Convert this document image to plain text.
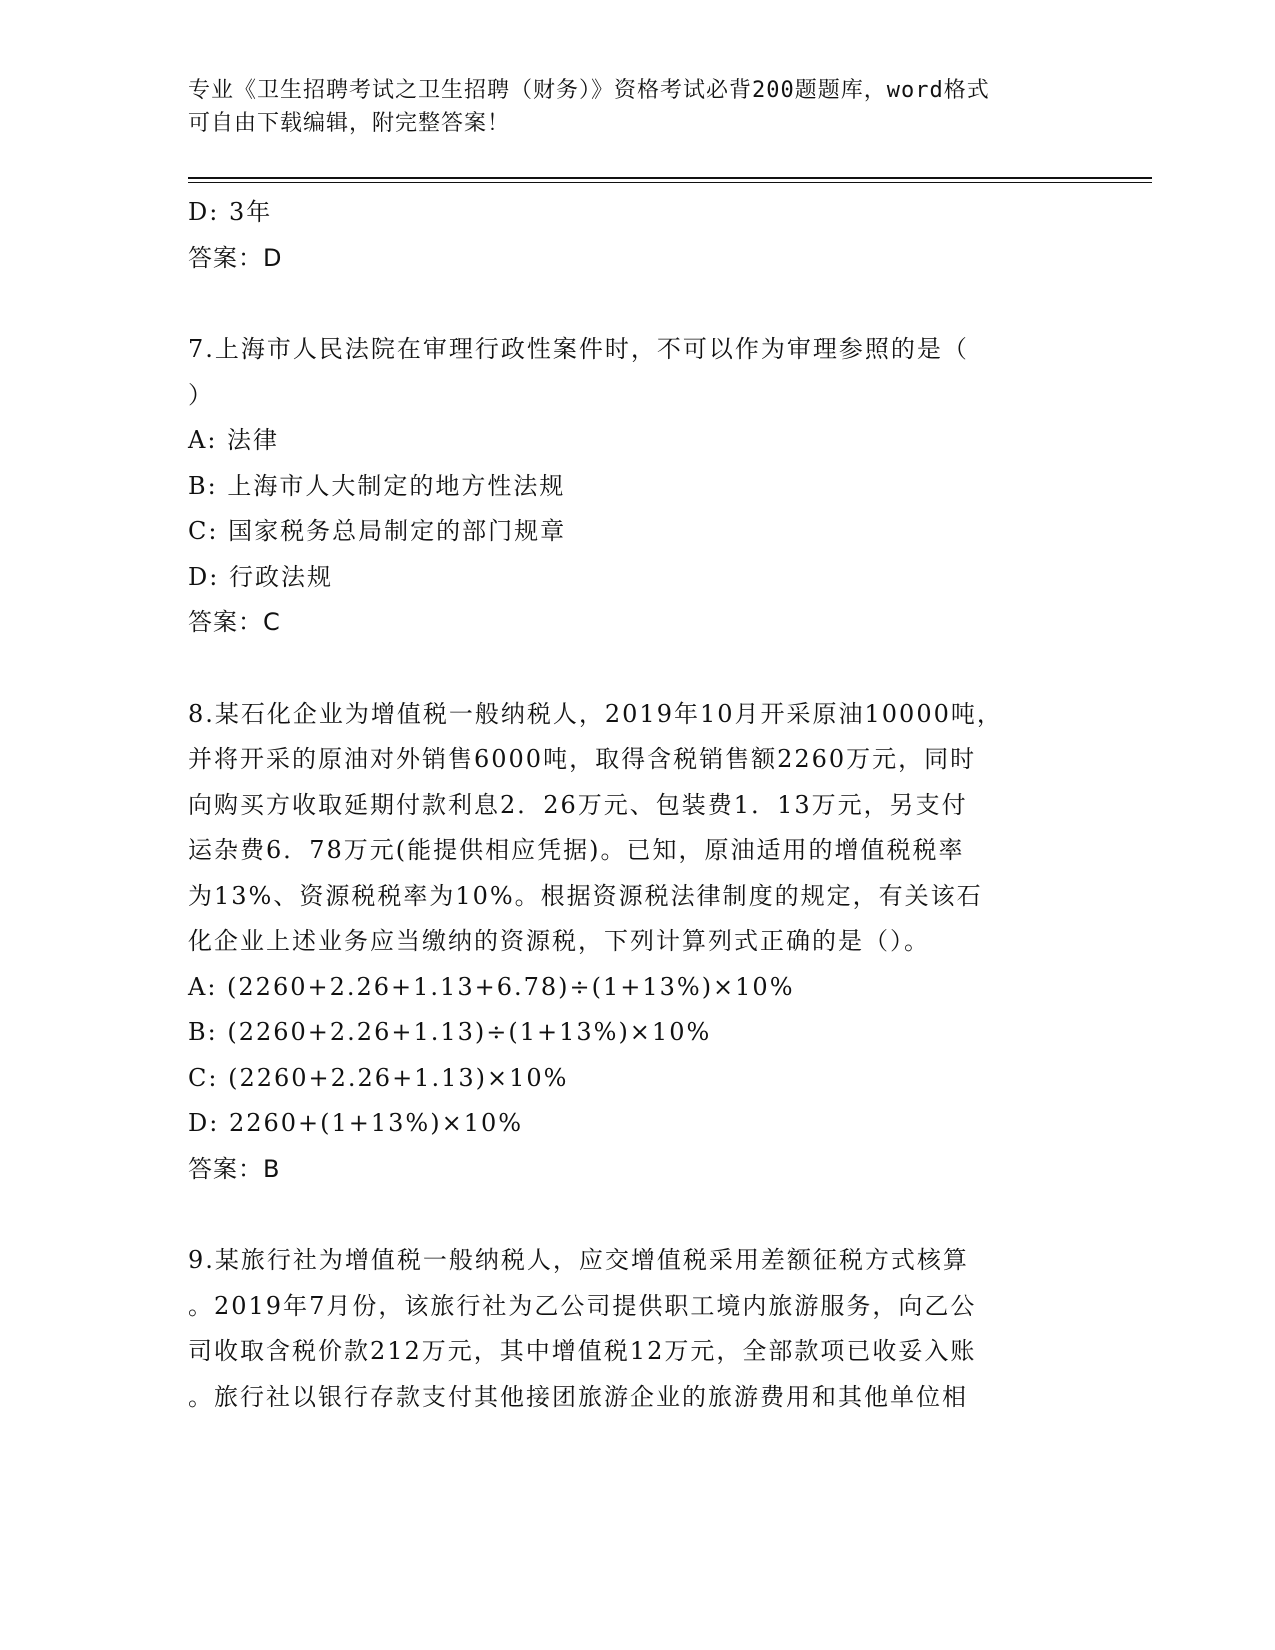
专业《卫生招聘考试之卫生招聘（财务）》资格考试必背200题题库，word格式
可自由下载编辑，附完整答案！
D: 3年
答案：D
7.上海市人民法院在审理行政性案件时，不可以作为审理参照的是（
）
A: 法律
B: 上海市人大制定的地方性法规
C: 国家税务总局制定的部门规章
D: 行政法规
答案：C
8.某石化企业为增值税一般纳税人，2019年10月开采原油10000吨，
并将开采的原油对外销售6000吨，取得含税销售额2260万元，同时
向购买方收取延期付款利息2．26万元、包装费1．13万元，另支付
运杂费6．78万元(能提供相应凭据)。已知，原油适用的增值税税率
为13%、资源税税率为10%。根据资源税法律制度的规定，有关该石
化企业上述业务应当缴纳的资源税，下列计算列式正确的是（）。
A: (2260+2.26+1.13+6.78)÷(1+13%)×10%
B: (2260+2.26+1.13)÷(1+13%)×10%
C: (2260+2.26+1.13)×10%
D: 2260+(1+13%)×10%
答案：B
9.某旅行社为增值税一般纳税人，应交增值税采用差额征税方式核算
。2019年7月份，该旅行社为乙公司提供职工境内旅游服务，向乙公
司收取含税价款212万元，其中增值税12万元，全部款项已收妥入账
。旅行社以银行存款支付其他接团旅游企业的旅游费用和其他单位相
